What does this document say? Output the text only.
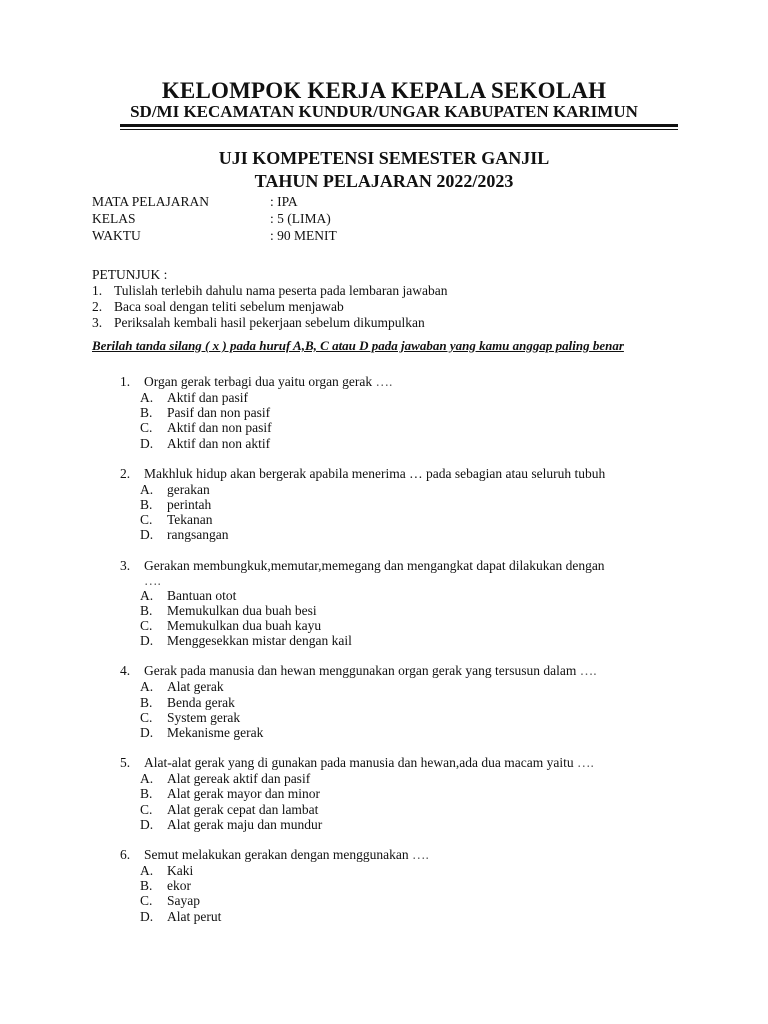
KELOMPOK KERJA KEPALA SEKOLAH
SD/MI KECAMATAN KUNDUR/UNGAR KABUPATEN KARIMUN
UJI KOMPETENSI SEMESTER GANJIL
TAHUN PELAJARAN 2022/2023
MATA PELAJARAN	: IPA
KELAS	: 5 (LIMA)
WAKTU	: 90 MENIT
PETUNJUK :
1. Tulislah terlebih dahulu nama peserta pada lembaran jawaban
2. Baca soal dengan teliti sebelum menjawab
3. Periksalah kembali hasil pekerjaan sebelum dikumpulkan
Berilah tanda silang ( x ) pada huruf A,B, C atau D pada jawaban yang kamu anggap paling benar
1.	Organ gerak terbagi dua yaitu organ gerak ….
A.	Aktif dan pasif
B.	Pasif dan non pasif
C.	Aktif dan non pasif
D.	Aktif dan non aktif
2.	Makhluk hidup akan bergerak apabila menerima … pada sebagian atau seluruh tubuh
A.	gerakan
B.	perintah
C.	Tekanan
D.	rangsangan
3.	Gerakan membungkuk,memutar,memegang dan mengangkat dapat dilakukan dengan
….
A.	Bantuan otot
B.	Memukulkan dua buah besi
C.	Memukulkan dua buah kayu
D.	Menggesekkan mistar dengan kail
4.	Gerak pada manusia dan hewan menggunakan organ gerak yang tersusun dalam ….
A.	Alat gerak
B.	Benda gerak
C.	System gerak
D.	Mekanisme gerak
5.	Alat-alat gerak yang di gunakan pada manusia dan hewan,ada dua macam yaitu ….
A.	Alat gereak aktif dan pasif
B.	Alat gerak mayor dan minor
C.	Alat gerak cepat dan lambat
D.	Alat gerak maju dan mundur
6.	Semut melakukan gerakan dengan menggunakan ….
A.	Kaki
B.	ekor
C.	Sayap
D.	Alat perut
